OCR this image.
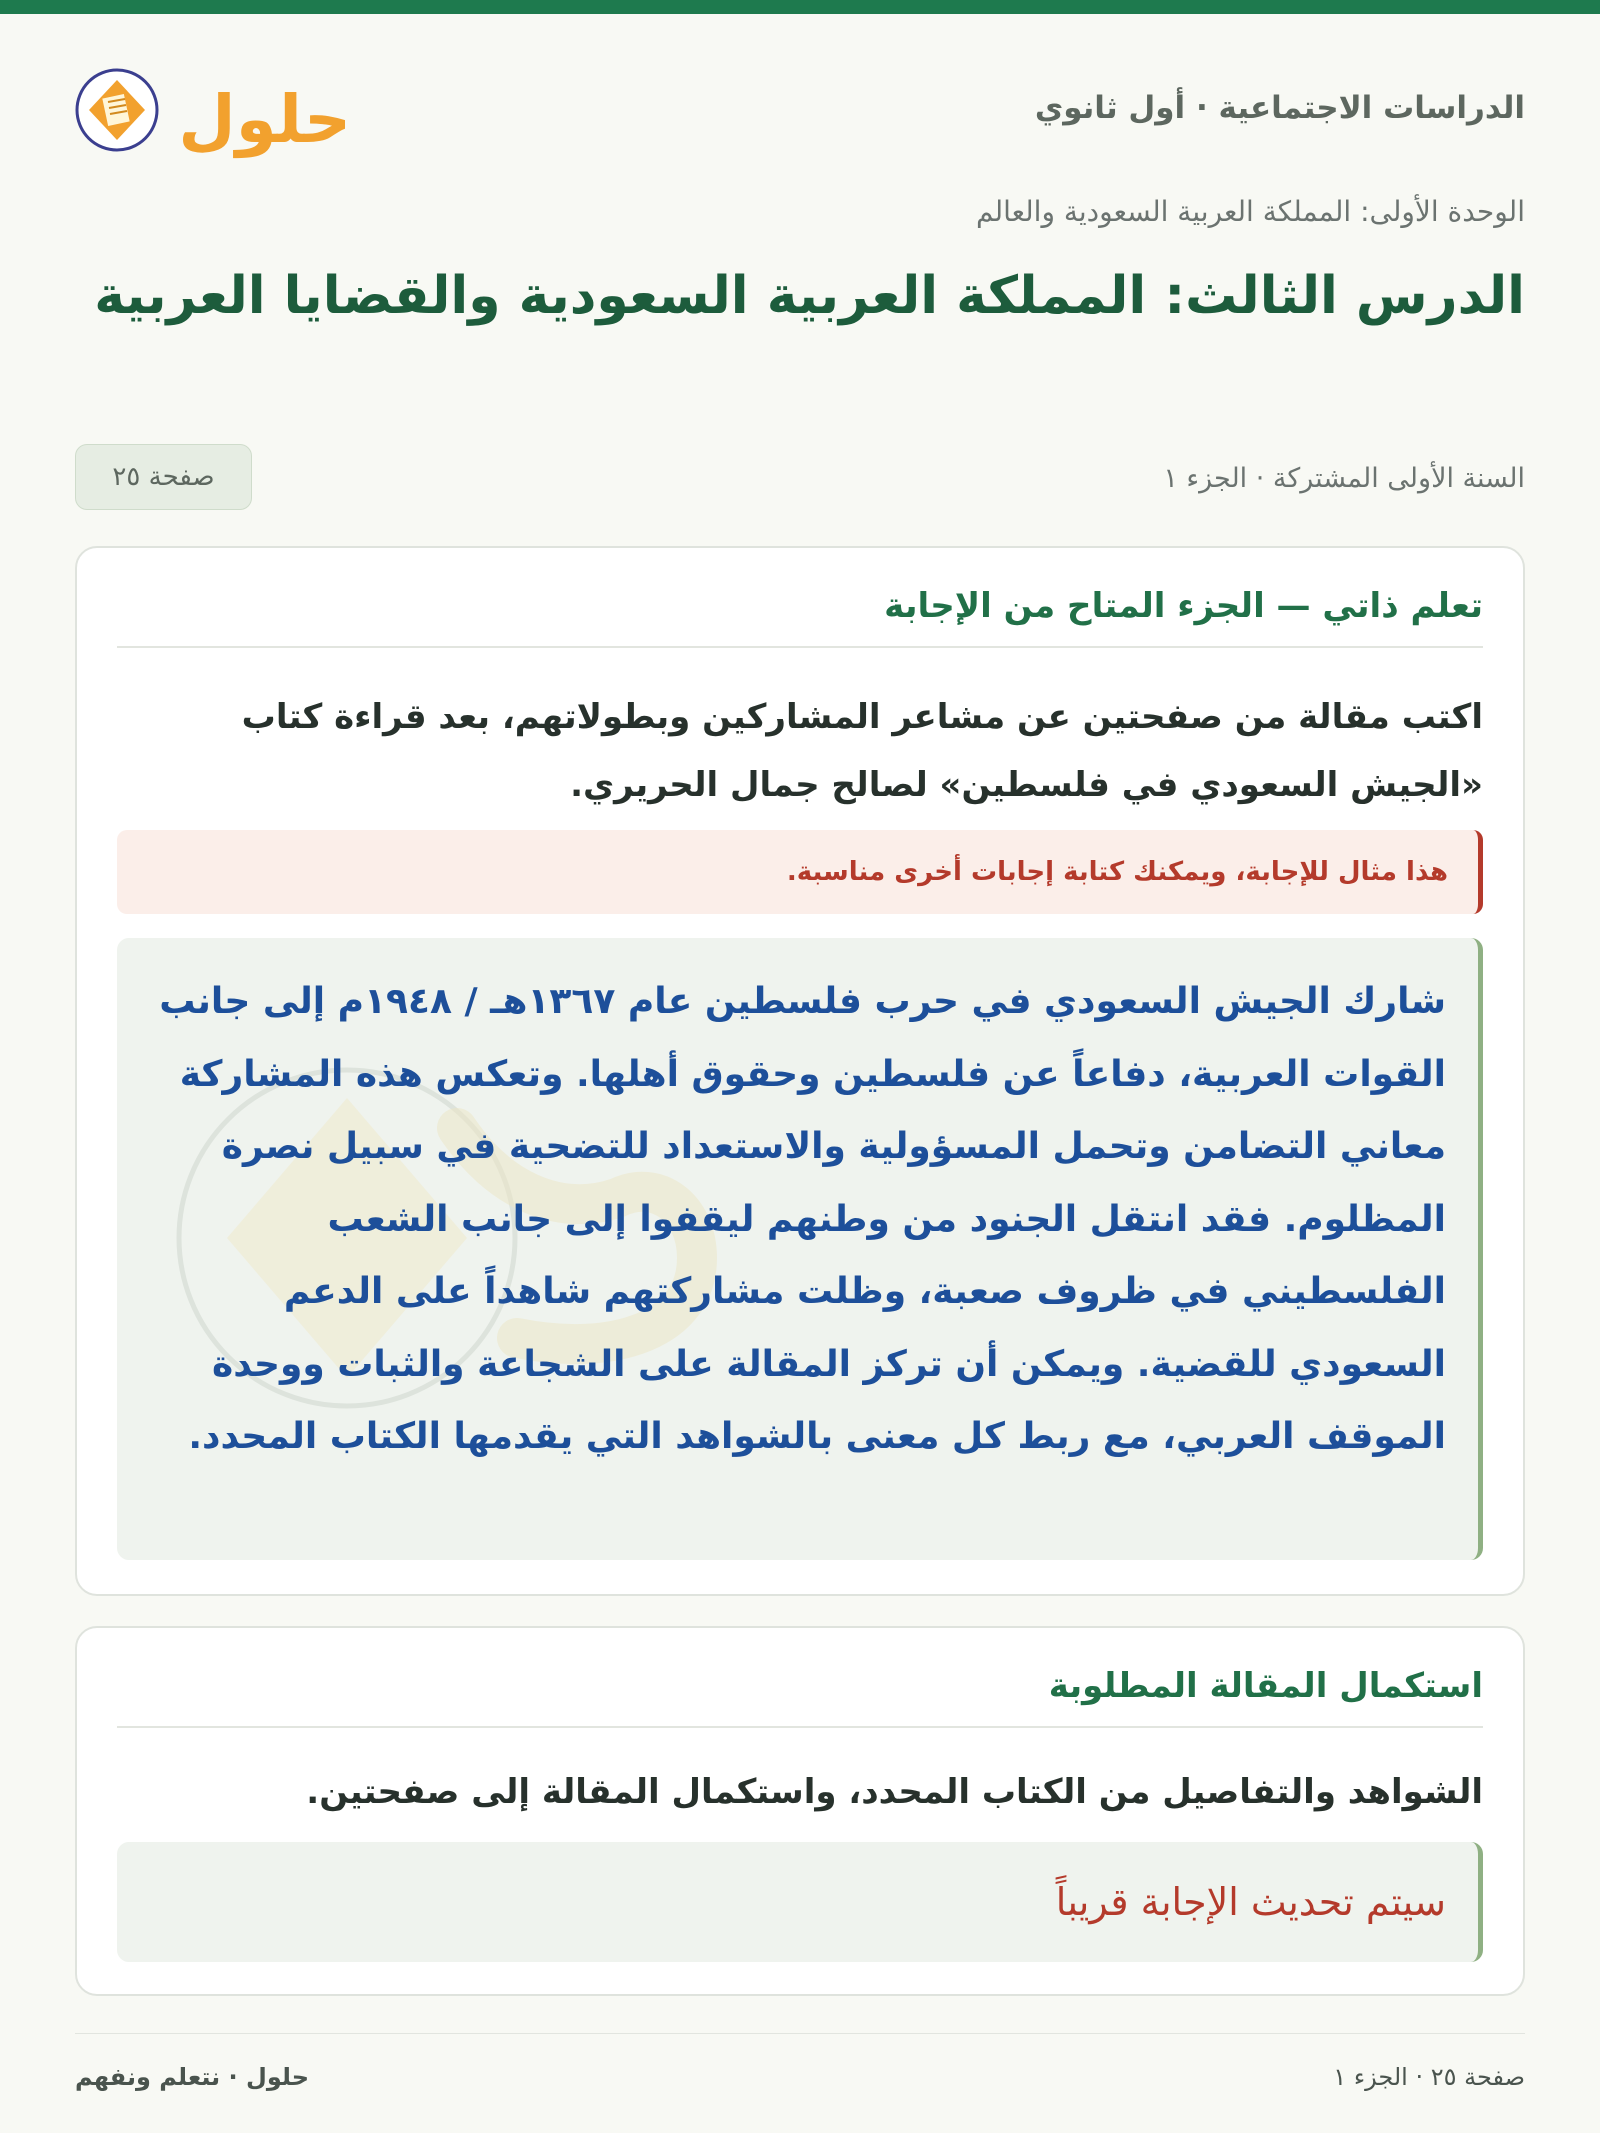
الدراسات الاجتماعية · أول ثانوي
حلول
الوحدة الأولى: المملكة العربية السعودية والعالم
الدرس الثالث: المملكة العربية السعودية والقضايا العربية
السنة الأولى المشتركة · الجزء ١
صفحة ٢٥
تعلم ذاتي — الجزء المتاح من الإجابة

اكتب مقالة من صفحتين عن مشاعر المشاركين وبطولاتهم، بعد قراءة كتاب «الجيش السعودي في فلسطين» لصالح جمال الحريري.

هذا مثال للإجابة، ويمكنك كتابة إجابات أخرى مناسبة.

شارك الجيش السعودي في حرب فلسطين عام ١٣٦٧هـ / ١٩٤٨م إلى جانب القوات العربية، دفاعاً عن فلسطين وحقوق أهلها. وتعكس هذه المشاركة معاني التضامن وتحمل المسؤولية والاستعداد للتضحية في سبيل نصرة المظلوم. فقد انتقل الجنود من وطنهم ليقفوا إلى جانب الشعب الفلسطيني في ظروف صعبة، وظلت مشاركتهم شاهداً على الدعم السعودي للقضية. ويمكن أن تركز المقالة على الشجاعة والثبات ووحدة الموقف العربي، مع ربط كل معنى بالشواهد التي يقدمها الكتاب المحدد.

استكمال المقالة المطلوبة

الشواهد والتفاصيل من الكتاب المحدد، واستكمال المقالة إلى صفحتين.

سيتم تحديث الإجابة قريباً
صفحة ٢٥ · الجزء ١
حلول · نتعلم ونفهم
